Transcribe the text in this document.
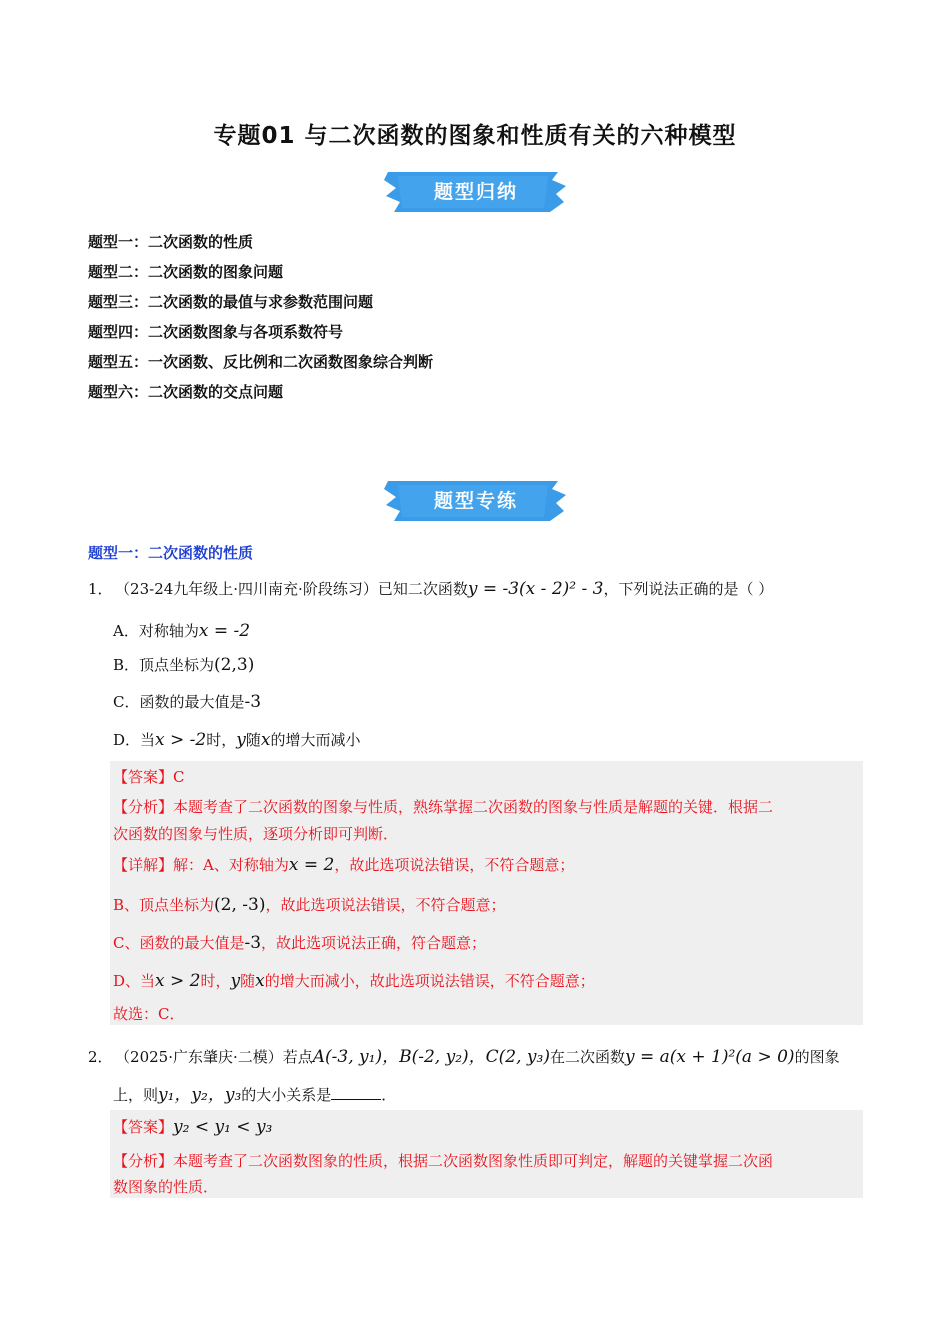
专题01 与二次函数的图象和性质有关的六种模型
题型归纳
题型一：二次函数的性质
题型二：二次函数的图象问题
题型三：二次函数的最值与求参数范围问题
题型四：二次函数图象与各项系数符号
题型五：一次函数、反比例和二次函数图象综合判断
题型六：二次函数的交点问题
题型专练
题型一：二次函数的性质
1． （23-24九年级上·四川南充·阶段练习）已知二次函数y = -3(x - 2)² - 3，下列说法正确的是（ ）
A．对称轴为x = -2
B．顶点坐标为(2,3)
C．函数的最大值是-3
D．当x > -2时，y随x的增大而减小
【答案】C
【分析】本题考查了二次函数的图象与性质，熟练掌握二次函数的图象与性质是解题的关键．根据二
次函数的图象与性质，逐项分析即可判断．
【详解】解：A、对称轴为x = 2，故此选项说法错误，不符合题意；
B、顶点坐标为(2, -3)，故此选项说法错误，不符合题意；
C、函数的最大值是-3，故此选项说法正确，符合题意；
D、当x > 2时，y随x的增大而减小，故此选项说法错误，不符合题意；
故选：C．
2． （2025·广东肇庆·二模）若点A(-3, y₁)，B(-2, y₂)，C(2, y₃)在二次函数y = a(x + 1)²(a > 0)的图象
上，则y₁，y₂，y₃的大小关系是	．
【答案】y₂ < y₁ < y₃
【分析】本题考查了二次函数图象的性质，根据二次函数图象性质即可判定，解题的关键掌握二次函
数图象的性质．
